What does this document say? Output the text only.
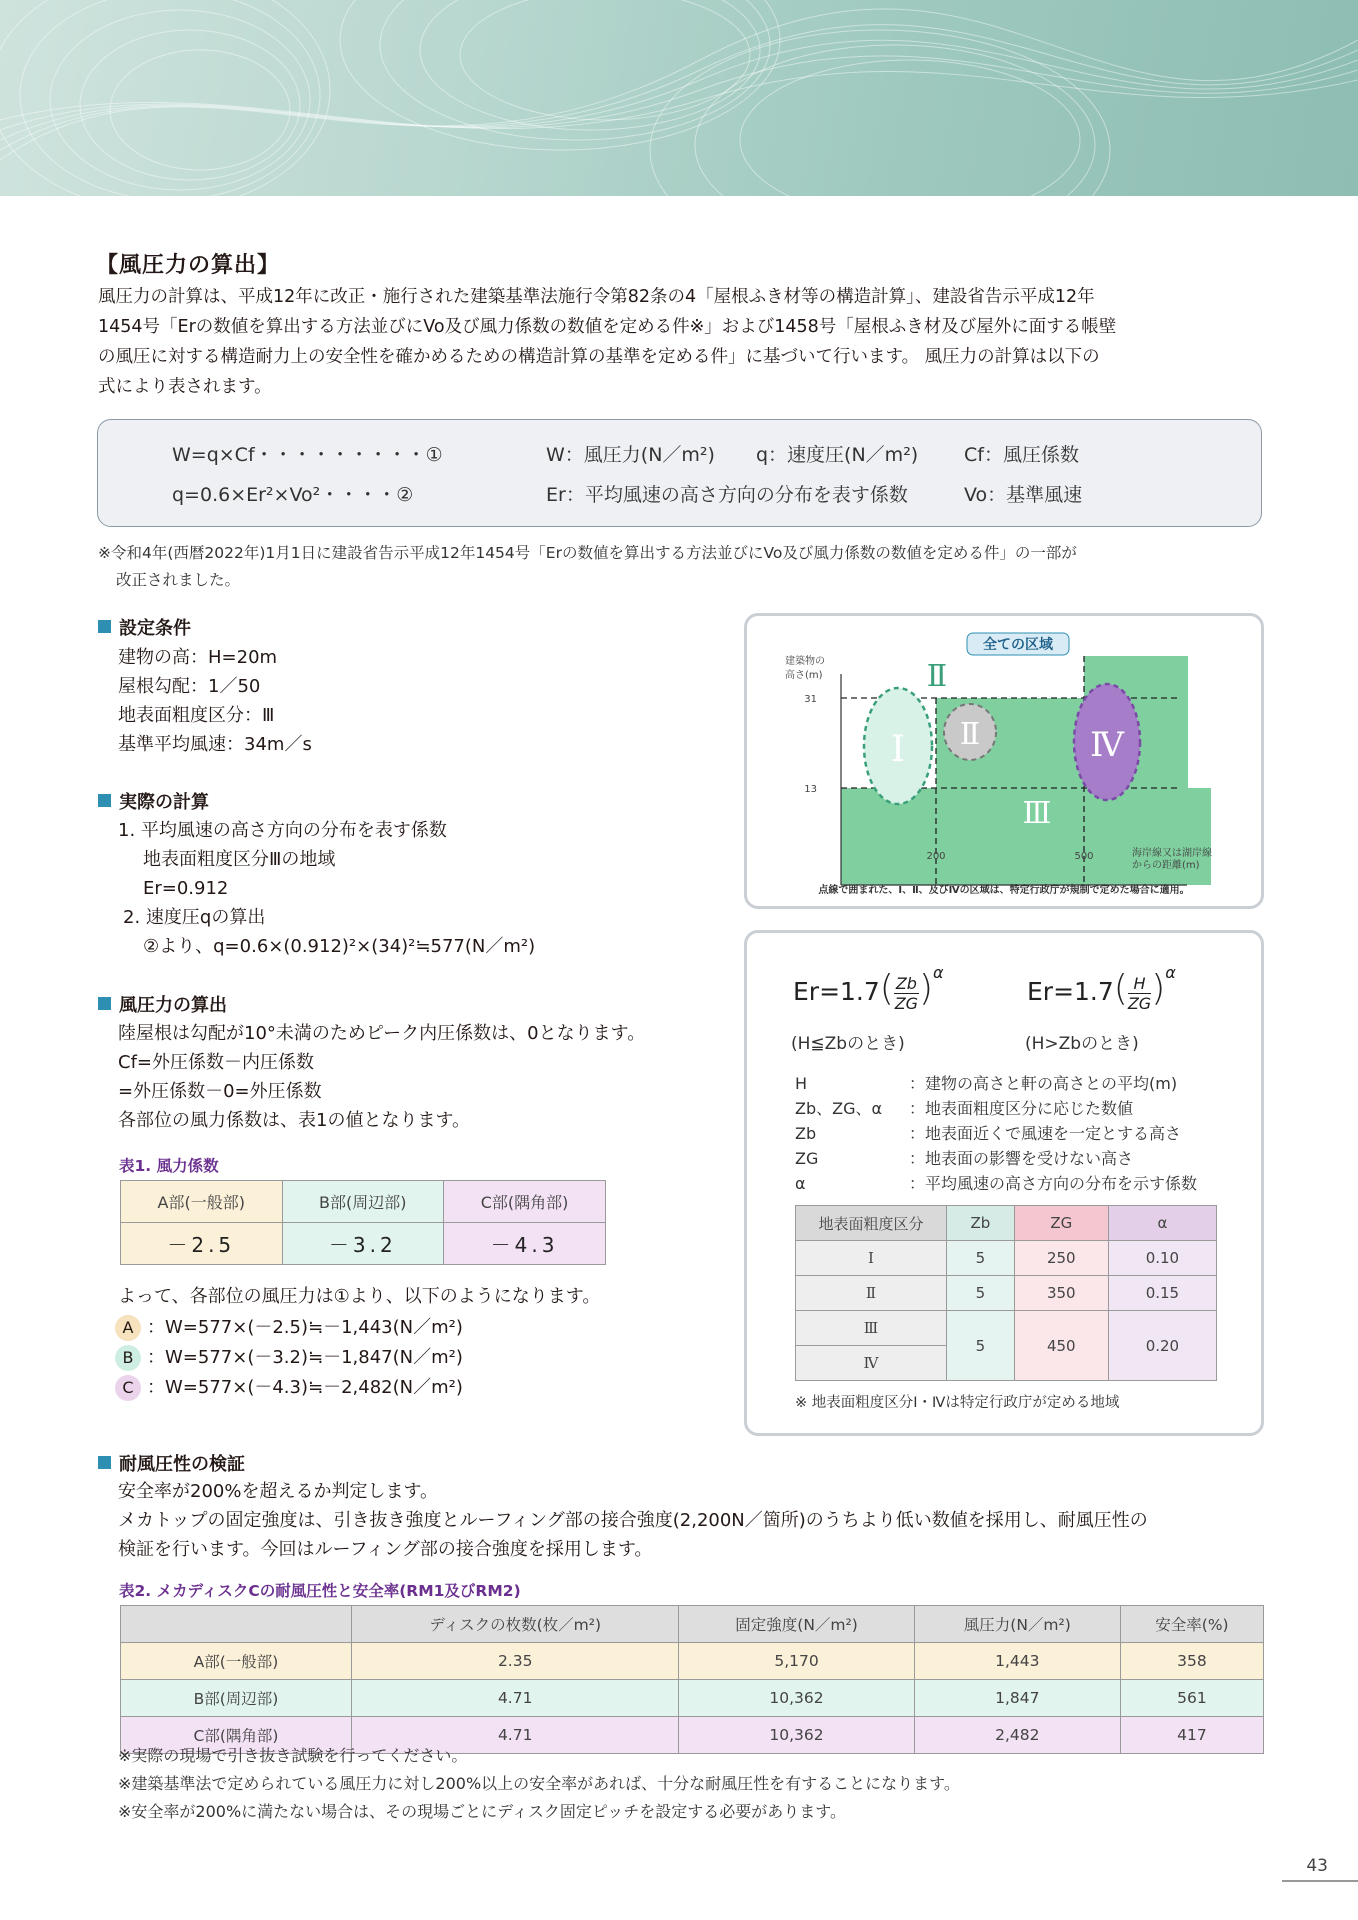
【風圧力の算出】
風圧力の計算は、平成12年に改正・施行された建築基準法施行令第82条の4「屋根ふき材等の構造計算」、建設省告示平成12年
1454号「Erの数値を算出する方法並びにVo及び風力係数の数値を定める件※」および1458号「屋根ふき材及び屋外に面する帳壁
の風圧に対する構造耐力上の安全性を確かめるための構造計算の基準を定める件」に基づいて行います。 風圧力の計算は以下の
式により表されます。
W=q×Cf・・・・・・・・・①
q=0.6×Er²×Vo²・・・・②
W：風圧力(N／m²) q：速度圧(N／m²) Cf：風圧係数
Er：平均風速の高さ方向の分布を表す係数	Vo：基準風速
※令和4年(西暦2022年)1月1日に建設省告示平成12年1454号「Erの数値を算出する方法並びにVo及び風力係数の数値を定める件」の一部が
改正されました。
設定条件
建物の高：H=20m
屋根勾配：1／50
地表面粗度区分：Ⅲ
基準平均風速：34m／s
実際の計算
1. 平均風速の高さ方向の分布を表す係数
地表面粗度区分Ⅲの地域
Er=0.912
2. 速度圧qの算出
②より、q=0.6×(0.912)²×(34)²≒577(N／m²)
風圧力の算出
陸屋根は勾配が10°未満のためピーク内圧係数は、0となります。
Cf=外圧係数－内圧係数
=外圧係数－0=外圧係数
各部位の風力係数は、表1の値となります。
表1. 風力係数
A部(一般部)	B部(周辺部)	C部(隅角部)
－2.5	－3.2	－4.3
よって、各部位の風圧力は①より、以下のようになります。
A ：W=577×(－2.5)≒－1,443(N／m²)
B ：W=577×(－3.2)≒－1,847(N／m²)
C ：W=577×(－4.3)≒－2,482(N／m²)
全ての区域
建築物の
高さ(m)
31
13
Ⅰ
Ⅱ
Ⅱ
Ⅲ
Ⅳ
200	500	海岸線又は湖岸線
からの距離(m)
点線で囲まれた、Ⅰ、Ⅱ、及びⅣの区域は、特定行政庁が規制で定めた場合に適用。
$Er=1.7( \frac{Zb}{ZG} )^\alpha$
$Er=1.7( \frac{H}{ZG} )^\alpha$
(H≦Zbのとき)	(H>Zbのとき)
H	：建物の高さと軒の高さとの平均(m)
Zb、ZG、α ：地表面粗度区分に応じた数値
Zb	：地表面近くで風速を一定とする高さ
ZG	：地表面の影響を受けない高さ
α	：平均風速の高さ方向の分布を示す係数
地表面粗度区分	Zb	ZG	α
Ⅰ	5	250	0.10
Ⅱ	5	350	0.15
Ⅲ	5	450	0.20
Ⅳ			
※ 地表面粗度区分Ⅰ・Ⅳは特定行政庁が定める地域
耐風圧性の検証
安全率が200%を超えるか判定します。
メカトップの固定強度は、引き抜き強度とルーフィング部の接合強度(2,200N／箇所)のうちより低い数値を採用し、耐風圧性の
検証を行います。今回はルーフィング部の接合強度を採用します。
表2. メカディスクCの耐風圧性と安全率(RM1及びRM2)
	ディスクの枚数(枚／m²)	固定強度(N／m²)	風圧力(N／m²)	安全率(%)
A部(一般部)	2.35	5,170	1,443	358
B部(周辺部)	4.71	10,362	1,847	561
C部(隅角部)	4.71	10,362	2,482	417
※実際の現場で引き抜き試験を行ってください。
※建築基準法で定められている風圧力に対し200%以上の安全率があれば、十分な耐風圧性を有することになります。
※安全率が200%に満たない場合は、その現場ごとにディスク固定ピッチを設定する必要があります。
43
